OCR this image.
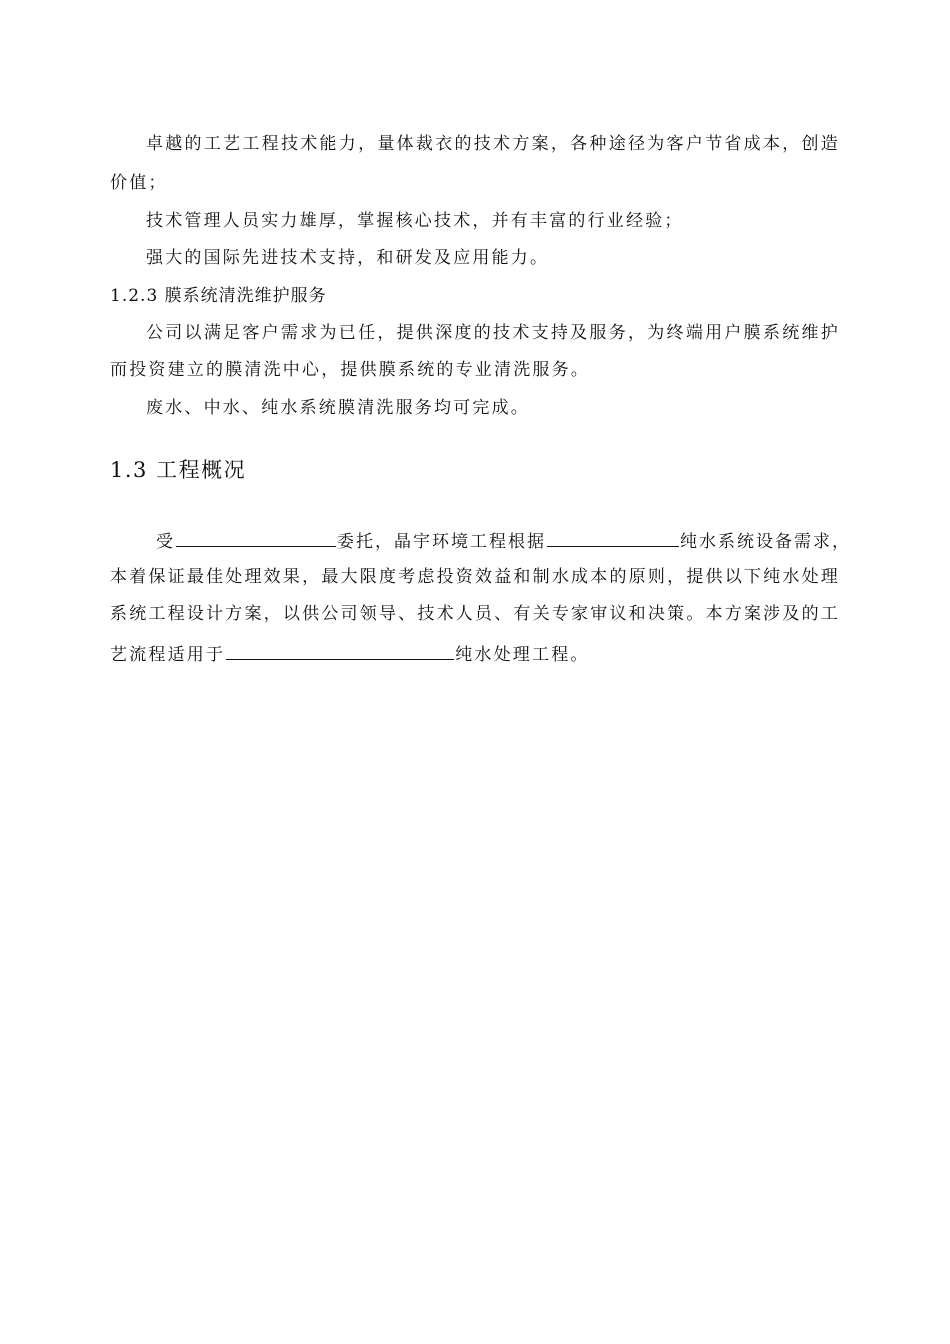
卓越的工艺工程技术能力，量体裁衣的技术方案，各种途径为客户节省成本，创造
价值；
技术管理人员实力雄厚，掌握核心技术，并有丰富的行业经验；
强大的国际先进技术支持，和研发及应用能力。
1.2.3 膜系统清洗维护服务
公司以满足客户需求为已任，提供深度的技术支持及服务，为终端用户膜系统维护
而投资建立的膜清洗中心，提供膜系统的专业清洗服务。
废水、中水、纯水系统膜清洗服务均可完成。
1.3 工程概况
受	委托，晶宇环境工程根据	纯水系统设备需求，
本着保证最佳处理效果，最大限度考虑投资效益和制水成本的原则，提供以下纯水处理
系统工程设计方案，以供公司领导、技术人员、有关专家审议和决策。本方案涉及的工
艺流程适用于	纯水处理工程。
